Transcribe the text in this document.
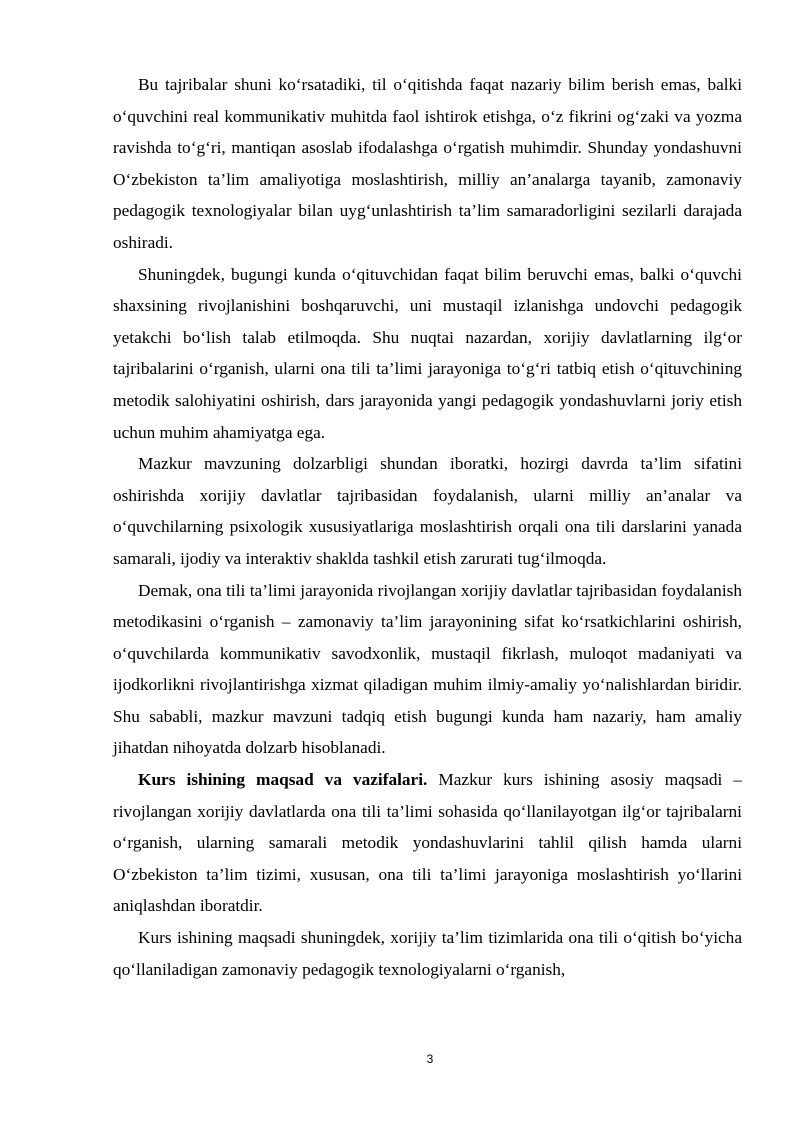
Bu tajribalar shuni ko‘rsatadiki, til o‘qitishda faqat nazariy bilim berish emas, balki o‘quvchini real kommunikativ muhitda faol ishtirok etishga, o‘z fikrini og‘zaki va yozma ravishda to‘g‘ri, mantiqan asoslab ifodalashga o‘rgatish muhimdir. Shunday yondashuvni O‘zbekiston ta’lim amaliyotiga moslashtirish, milliy an’analarga tayanib, zamonaviy pedagogik texnologiyalar bilan uyg‘unlashtirish ta’lim samaradorligini sezilarli darajada oshiradi.

Shuningdek, bugungi kunda o‘qituvchidan faqat bilim beruvchi emas, balki o‘quvchi shaxsining rivojlanishini boshqaruvchi, uni mustaqil izlanishga undovchi pedagogik yetakchi bo‘lish talab etilmoqda. Shu nuqtai nazardan, xorijiy davlatlarning ilg‘or tajribalarini o‘rganish, ularni ona tili ta’limi jarayoniga to‘g‘ri tatbiq etish o‘qituvchining metodik salohiyatini oshirish, dars jarayonida yangi pedagogik yondashuvlarni joriy etish uchun muhim ahamiyatga ega.

Mazkur mavzuning dolzarbligi shundan iboratki, hozirgi davrda ta’lim sifatini oshirishda xorijiy davlatlar tajribasidan foydalanish, ularni milliy an’analar va o‘quvchilarning psixologik xususiyatlariga moslashtirish orqali ona tili darslarini yanada samarali, ijodiy va interaktiv shaklda tashkil etish zarurati tug‘ilmoqda.

Demak, ona tili ta’limi jarayonida rivojlangan xorijiy davlatlar tajribasidan foydalanish metodikasini o‘rganish – zamonaviy ta’lim jarayonining sifat ko‘rsatkichlarini oshirish, o‘quvchilarda kommunikativ savodxonlik, mustaqil fikrlash, muloqot madaniyati va ijodkorlikni rivojlantirishga xizmat qiladigan muhim ilmiy-amaliy yo‘nalishlardan biridir. Shu sababli, mazkur mavzuni tadqiq etish bugungi kunda ham nazariy, ham amaliy jihatdan nihoyatda dolzarb hisoblanadi.

Kurs ishining maqsad va vazifalari. Mazkur kurs ishining asosiy maqsadi – rivojlangan xorijiy davlatlarda ona tili ta’limi sohasida qo‘llanilayotgan ilg‘or tajribalarni o‘rganish, ularning samarali metodik yondashuvlarini tahlil qilish hamda ularni O‘zbekiston ta’lim tizimi, xususan, ona tili ta’limi jarayoniga moslashtirish yo‘llarini aniqlashdan iboratdir.

Kurs ishining maqsadi shuningdek, xorijiy ta’lim tizimlarida ona tili o‘qitish bo‘yicha qo‘llaniladigan zamonaviy pedagogik texnologiyalarni o‘rganish,

3
